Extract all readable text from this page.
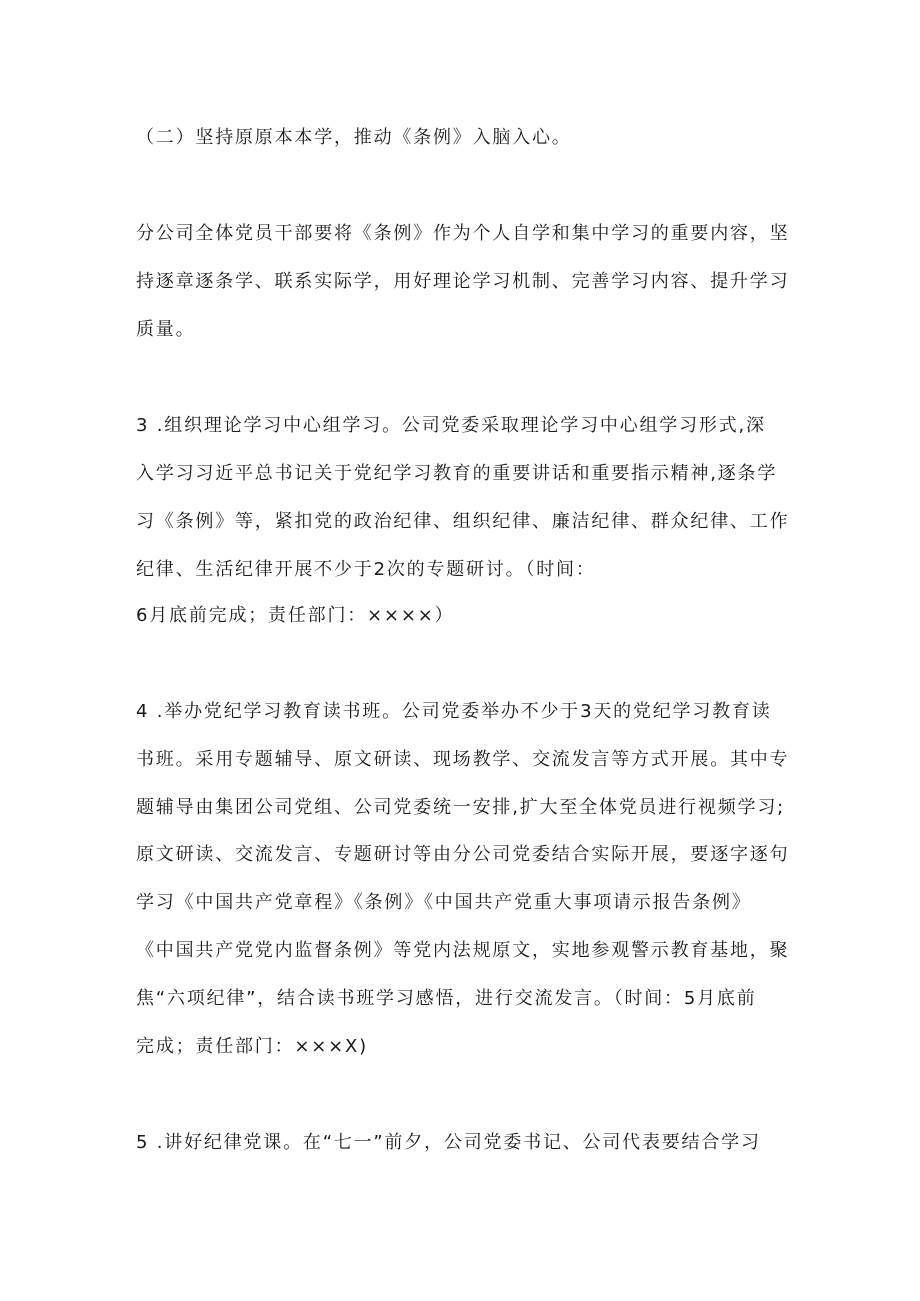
（二）坚持原原本本学，推动《条例》入脑入心。
分公司全体党员干部要将《条例》作为个人自学和集中学习的重要内容，坚
持逐章逐条学、联系实际学，用好理论学习机制、完善学习内容、提升学习
质量。
3 .组织理论学习中心组学习。公司党委采取理论学习中心组学习形式,深
入学习习近平总书记关于党纪学习教育的重要讲话和重要指示精神,逐条学
习《条例》等，紧扣党的政治纪律、组织纪律、廉洁纪律、群众纪律、工作
纪律、生活纪律开展不少于2次的专题研讨。（时间：
6月底前完成；责任部门：××××）
4 .举办党纪学习教育读书班。公司党委举办不少于3天的党纪学习教育读
书班。采用专题辅导、原文研读、现场教学、交流发言等方式开展。其中专
题辅导由集团公司党组、公司党委统一安排,扩大至全体党员进行视频学习;
原文研读、交流发言、专题研讨等由分公司党委结合实际开展，要逐字逐句
学习《中国共产党章程》《条例》《中国共产党重大事项请示报告条例》
《中国共产党党内监督条例》等党内法规原文，实地参观警示教育基地，聚
焦“六项纪律”，结合读书班学习感悟，进行交流发言。（时间：5月底前
完成；责任部门：×××X)
5 .讲好纪律党课。在“七一”前夕，公司党委书记、公司代表要结合学习
